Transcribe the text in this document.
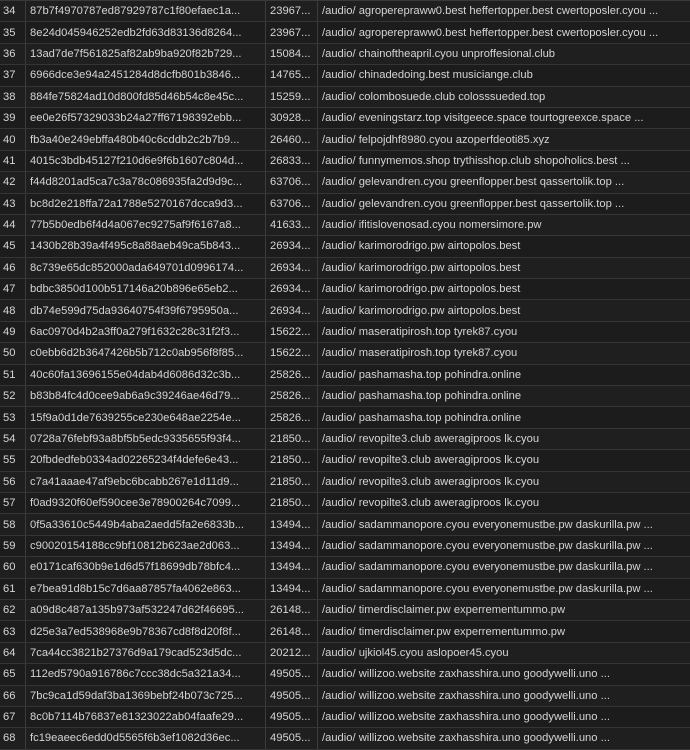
34	87b7f4970787ed87929787c1f80efaec1a...	23967...	/audio/ agroperepraww0.best heffertopper.best cwertoposler.cyou ...
35	8e24d045946252edb2fd63d83136d8264...	23967...	/audio/ agroperepraww0.best heffertopper.best cwertoposler.cyou ...
36	13ad7de7f561825af82ab9ba920f82b729...	15084...	/audio/ chainoftheapril.cyou unproffesional.club
37	6966dce3e94a2451284d8dcfb801b3846...	14765...	/audio/ chinadedoing.best musiciange.club
38	884fe75824ad10d800fd85d46b54c8e45c...	15259...	/audio/ colombosuede.club colosssueded.top
39	ee0e26f57329033b24a27ff67198392ebb...	30928...	/audio/ eveningstarz.top visitgeece.space tourtogreexce.space ...
40	fb3a40e249ebffa480b40c6cddb2c2b7b9...	26460...	/audio/ felpojdhf8980.cyou azoperfdeoti85.xyz
41	4015c3bdb45127f210d6e9f6b1607c804d...	26833...	/audio/ funnymemos.shop trythisshop.club shopoholics.best ...
42	f44d8201ad5ca7c3a78c086935fa2d9d9c...	63706...	/audio/ gelevandren.cyou greenflopper.best qassertolik.top ...
43	bc8d2e218ffa72a1788e5270167dcca9d3...	63706...	/audio/ gelevandren.cyou greenflopper.best qassertolik.top ...
44	77b5b0edb6f4d4a067ec9275af9f6167a8...	41633...	/audio/ ifitislovenosad.cyou nomersimore.pw
45	1430b28b39a4f495c8a88aeb49ca5b843...	26934...	/audio/ karimorodrigo.pw airtopolos.best
46	8c739e65dc852000ada649701d0996174...	26934...	/audio/ karimorodrigo.pw airtopolos.best
47	bdbc3850d100b517146a20b896e65eb2...	26934...	/audio/ karimorodrigo.pw airtopolos.best
48	db74e599d75da93640754f39f6795950a...	26934...	/audio/ karimorodrigo.pw airtopolos.best
49	6ac0970d4b2a3ff0a279f1632c28c31f2f3...	15622...	/audio/ maseratipirosh.top tyrek87.cyou
50	c0ebb6d2b3647426b5b712c0ab956f8f85...	15622...	/audio/ maseratipirosh.top tyrek87.cyou
51	40c60fa13696155e04dab4d6086d32c3b...	25826...	/audio/ pashamasha.top pohindra.online
52	b83b84fc4d0cee9ab6a9c39246ae46d79...	25826...	/audio/ pashamasha.top pohindra.online
53	15f9a0d1de7639255ce230e648ae2254e...	25826...	/audio/ pashamasha.top pohindra.online
54	0728a76febf93a8bf5b5edc9335655f93f4...	21850...	/audio/ revopilte3.club aweragiproos lk.cyou
55	20fbdedfeb0334ad02265234f4defe6e43...	21850...	/audio/ revopilte3.club aweragiproos lk.cyou
56	c7a41aaae47af9ebc6bcabb267e1d11d9...	21850...	/audio/ revopilte3.club aweragiproos lk.cyou
57	f0ad9320f60ef590cee3e78900264c7099...	21850...	/audio/ revopilte3.club aweragiproos lk.cyou
58	0f5a33610c5449b4aba2aedd5fa2e6833b...	13494...	/audio/ sadammanopore.cyou everyonemustbe.pw daskurilla.pw ...
59	c90020154188cc9bf10812b623ae2d063...	13494...	/audio/ sadammanopore.cyou everyonemustbe.pw daskurilla.pw ...
60	e0171caf630b9e1d6d57f18699db78bfc4...	13494...	/audio/ sadammanopore.cyou everyonemustbe.pw daskurilla.pw ...
61	e7bea91d8b15c7d6aa87857fa4062e863...	13494...	/audio/ sadammanopore.cyou everyonemustbe.pw daskurilla.pw ...
62	a09d8c487a135b973af532247d62f46695...	26148...	/audio/ timerdisclaimer.pw experrementummo.pw
63	d25e3a7ed538968e9b78367cd8f8d20f8f...	26148...	/audio/ timerdisclaimer.pw experrementummo.pw
64	7ca44cc3821b27376d9a179cad523d5dc...	20212...	/audio/ ujkiol45.cyou aslopoer45.cyou
65	112ed5790a916786c7ccc38dc5a321a34...	49505...	/audio/ willizoo.website zaxhasshira.uno goodywelli.uno ...
66	7bc9ca1d59daf3ba1369bebf24b073c725...	49505...	/audio/ willizoo.website zaxhasshira.uno goodywelli.uno ...
67	8c0b7114b76837e81323022ab04faafe29...	49505...	/audio/ willizoo.website zaxhasshira.uno goodywelli.uno ...
68	fc19eaeec6edd0d5565f6b3ef1082d36ec...	49505...	/audio/ willizoo.website zaxhasshira.uno goodywelli.uno ...
